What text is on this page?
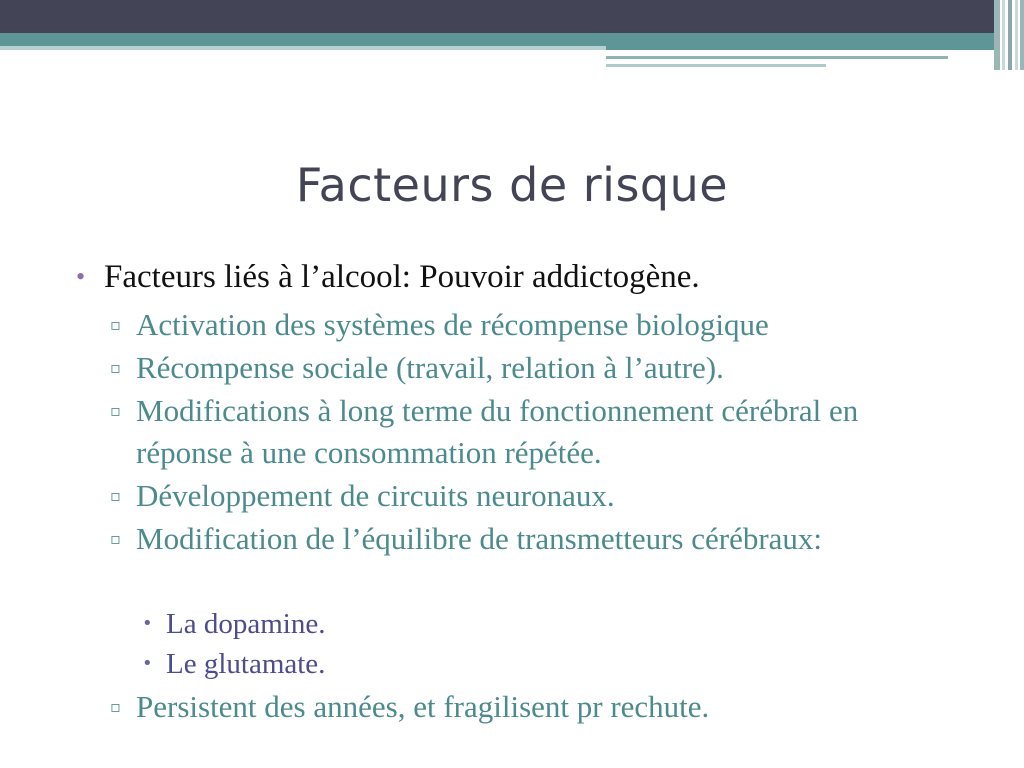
Facteurs de risque
• Facteurs liés à l’alcool: Pouvoir addictogène.
▫ Activation des systèmes de récompense biologique
▫ Récompense sociale (travail, relation à l’autre).
▫ Modifications à long terme du fonctionnement cérébral en réponse à une consommation répétée.
▫ Développement de circuits neuronaux.
▫ Modification de l’équilibre de transmetteurs cérébraux:
• La dopamine.
• Le glutamate.
▫ Persistent des années, et fragilisent pr rechute.
